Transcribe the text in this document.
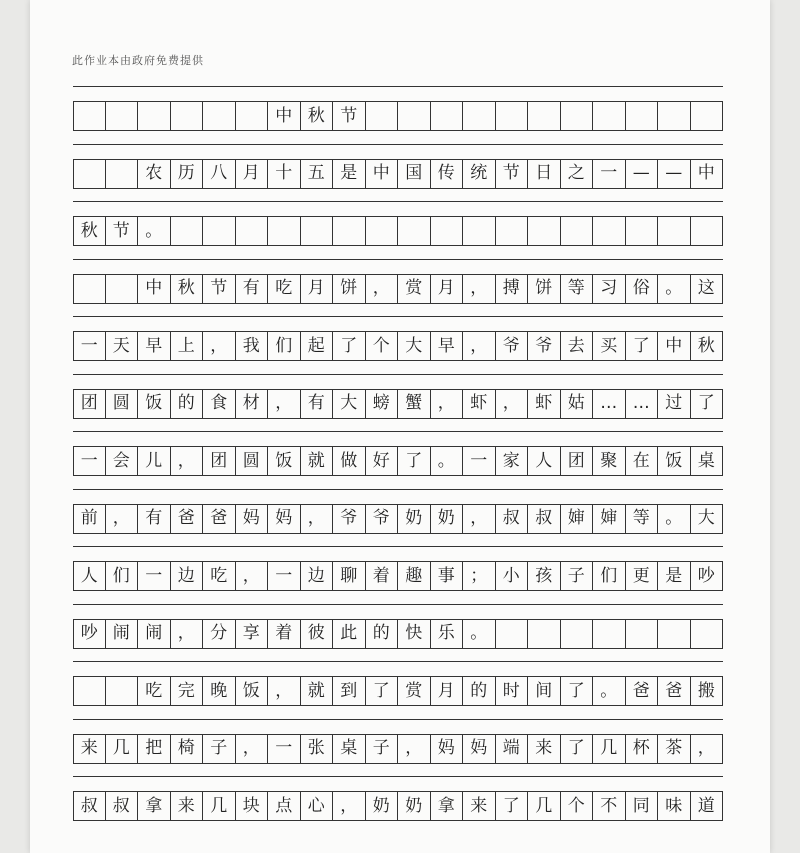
此作业本由政府免费提供
中 秋 节
农 历 八 月 十 五 是 中 国 传 统 节 日 之 一 — — 中
秋 节 。
中 秋 节 有 吃 月 饼 ， 赏 月 ， 搏 饼 等 习 俗 。 这
一 天 早 上 ， 我 们 起 了 个 大 早 ， 爷 爷 去 买 了 中 秋
团 圆 饭 的 食 材 ， 有 大 螃 蟹 ， 虾 ， 虾 姑 … … 过 了
一 会 儿 ， 团 圆 饭 就 做 好 了 。 一 家 人 团 聚 在 饭 桌
前 ， 有 爸 爸 妈 妈 ， 爷 爷 奶 奶 ， 叔 叔 婶 婶 等 。 大
人 们 一 边 吃 ， 一 边 聊 着 趣 事 ； 小 孩 子 们 更 是 吵
吵 闹 闹 ， 分 享 着 彼 此 的 快 乐 。
吃 完 晚 饭 ， 就 到 了 赏 月 的 时 间 了 。 爸 爸 搬
来 几 把 椅 子 ， 一 张 桌 子 ， 妈 妈 端 来 了 几 杯 茶 ，
叔 叔 拿 来 几 块 点 心 ， 奶 奶 拿 来 了 几 个 不 同 味 道
